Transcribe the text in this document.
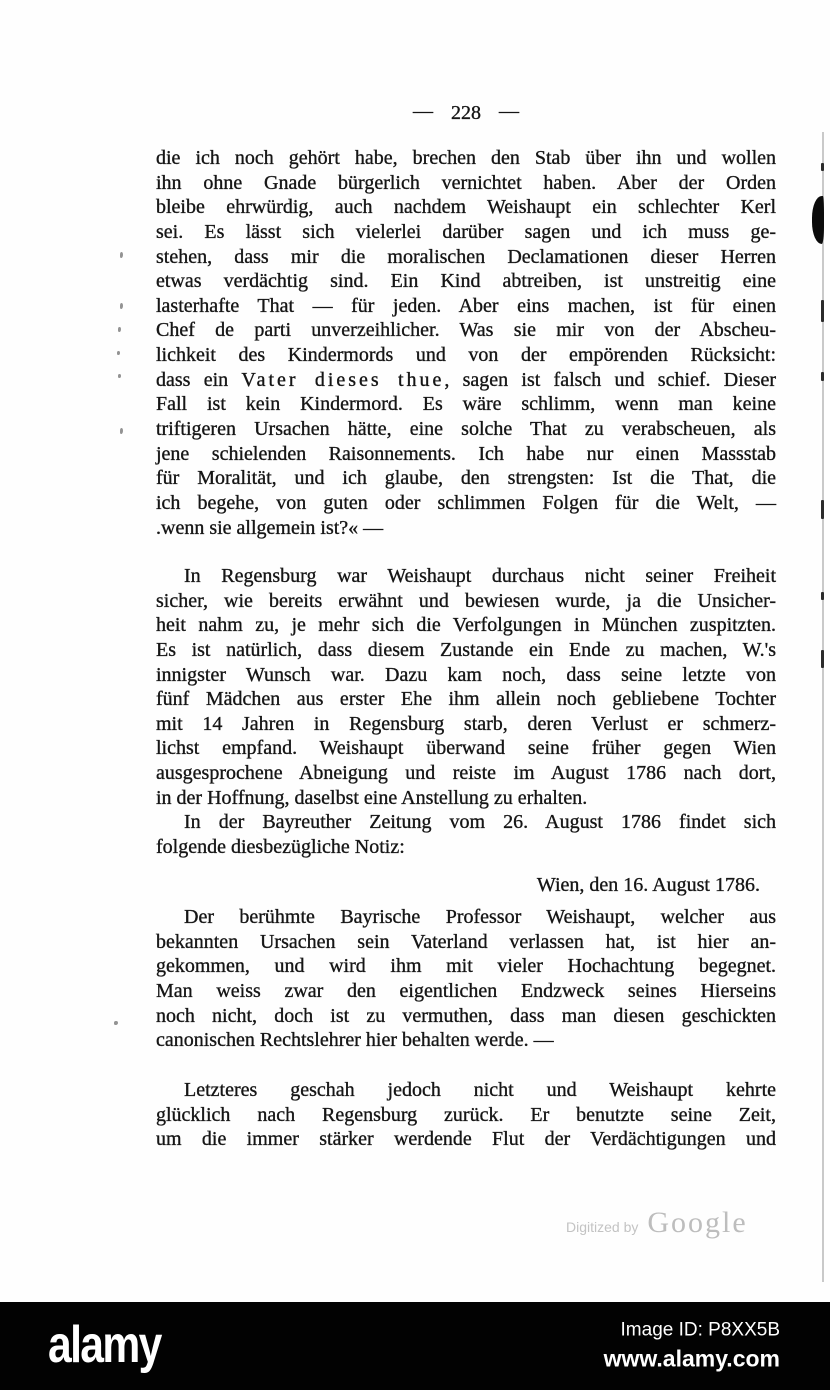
— 228 —
die ich noch gehört habe, brechen den Stab über ihn und wollen
ihn ohne Gnade bürgerlich vernichtet haben. Aber der Orden
bleibe ehrwürdig, auch nachdem Weishaupt ein schlechter Kerl
sei. Es lässt sich vielerlei darüber sagen und ich muss ge-
stehen, dass mir die moralischen Declamationen dieser Herren
etwas verdächtig sind. Ein Kind abtreiben, ist unstreitig eine
lasterhafte That — für jeden. Aber eins machen, ist für einen
Chef de parti unverzeihlicher. Was sie mir von der Abscheu-
lichkeit des Kindermords und von der empörenden Rücksicht:
dass ein Vater dieses thue, sagen ist falsch und schief. Dieser
Fall ist kein Kindermord. Es wäre schlimm, wenn man keine
triftigeren Ursachen hätte, eine solche That zu verabscheuen, als
jene schielenden Raisonnements. Ich habe nur einen Massstab
für Moralität, und ich glaube, den strengsten: Ist die That, die
ich begehe, von guten oder schlimmen Folgen für die Welt, —
.wenn sie allgemein ist?« —
In Regensburg war Weishaupt durchaus nicht seiner Freiheit
sicher, wie bereits erwähnt und bewiesen wurde, ja die Unsicher-
heit nahm zu, je mehr sich die Verfolgungen in München zuspitzten.
Es ist natürlich, dass diesem Zustande ein Ende zu machen, W.'s
innigster Wunsch war. Dazu kam noch, dass seine letzte von
fünf Mädchen aus erster Ehe ihm allein noch gebliebene Tochter
mit 14 Jahren in Regensburg starb, deren Verlust er schmerz-
lichst empfand. Weishaupt überwand seine früher gegen Wien
ausgesprochene Abneigung und reiste im August 1786 nach dort,
in der Hoffnung, daselbst eine Anstellung zu erhalten.
In der Bayreuther Zeitung vom 26. August 1786 findet sich
folgende diesbezügliche Notiz:
Wien, den 16. August 1786.
Der berühmte Bayrische Professor Weishaupt, welcher aus
bekannten Ursachen sein Vaterland verlassen hat, ist hier an-
gekommen, und wird ihm mit vieler Hochachtung begegnet.
Man weiss zwar den eigentlichen Endzweck seines Hierseins
noch nicht, doch ist zu vermuthen, dass man diesen geschickten
canonischen Rechtslehrer hier behalten werde. —
Letzteres geschah jedoch nicht und Weishaupt kehrte
glücklich nach Regensburg zurück. Er benutzte seine Zeit,
um die immer stärker werdende Flut der Verdächtigungen und
Digitized by Google
alamy	Image ID: P8XX5B
www.alamy.com
